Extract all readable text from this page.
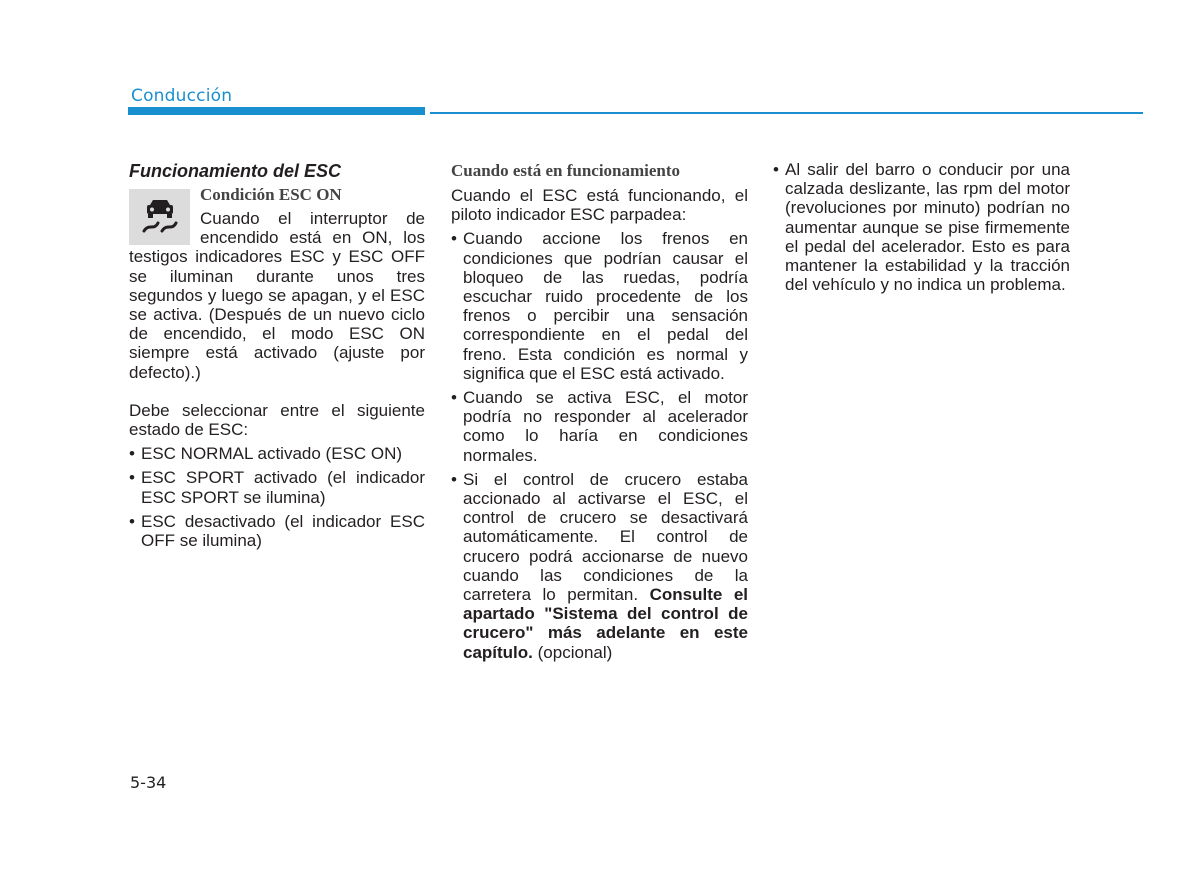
Conducción
Funcionamiento del ESC
Condición ESC ON

Cuando el interruptor de encendido está en ON, los testigos indicadores ESC y ESC OFF se iluminan durante unos tres segundos y luego se apagan, y el ESC se activa. (Después de un nuevo ciclo de encendido, el modo ESC ON siempre está activado (ajuste por defecto).)

Debe seleccionar entre el siguiente estado de ESC:

• ESC NORMAL activado (ESC ON)
• ESC SPORT activado (el indicador ESC SPORT se ilumina)
• ESC desactivado (el indicador ESC OFF se ilumina)
Cuando está en funcionamiento

Cuando el ESC está funcionando, el piloto indicador ESC parpadea:

• Cuando accione los frenos en condiciones que podrían causar el bloqueo de las ruedas, podría escuchar ruido procedente de los frenos o percibir una sensación correspondiente en el pedal del freno. Esta condición es normal y significa que el ESC está activado.
• Cuando se activa ESC, el motor podría no responder al acelerador como lo haría en condiciones normales.
• Si el control de crucero estaba accionado al activarse el ESC, el control de crucero se desactivará automáticamente. El control de crucero podrá accionarse de nuevo cuando las condiciones de la carretera lo permitan. Consulte el apartado "Sistema del control de crucero" más adelante en este capítulo. (opcional)
• Al salir del barro o conducir por una calzada deslizante, las rpm del motor (revoluciones por minuto) podrían no aumentar aunque se pise firmemente el pedal del acelerador. Esto es para mantener la estabilidad y la tracción del vehículo y no indica un problema.
5-34
